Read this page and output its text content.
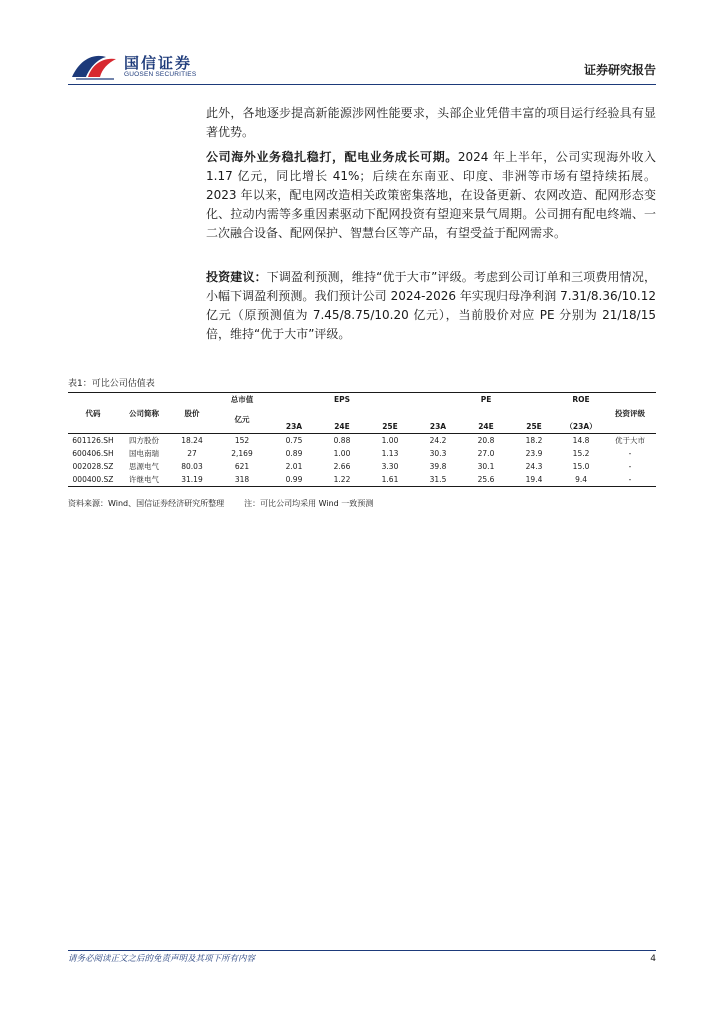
国信证券
GUOSEN SECURITIES	证券研究报告
此外，各地逐步提高新能源涉网性能要求，头部企业凭借丰富的项目运行经验具有显著优势。
公司海外业务稳扎稳打，配电业务成长可期。2024 年上半年，公司实现海外收入 1.17 亿元，同比增长 41%；后续在东南亚、印度、非洲等市场有望持续拓展。2023 年以来，配电网改造相关政策密集落地，在设备更新、农网改造、配网形态变化、拉动内需等多重因素驱动下配网投资有望迎来景气周期。公司拥有配电终端、一二次融合设备、配网保护、智慧台区等产品，有望受益于配网需求。
投资建议：下调盈利预测，维持“优于大市”评级。考虑到公司订单和三项费用情况，小幅下调盈利预测。我们预计公司 2024-2026 年实现归母净利润 7.31/8.36/10.12 亿元（原预测值为 7.45/8.75/10.20 亿元），当前股价对应 PE 分别为 21/18/15 倍，维持“优于大市”评级。
表1：可比公司估值表
代码	公司简称	股价	总市值	EPS			PE			ROE	投资评级
			亿元								
				23A	24E	25E	23A	24E	25E	（23A）	
601126.SH	四方股份	18.24	152	0.75	0.88	1.00	24.2	20.8	18.2	14.8	优于大市
600406.SH	国电南瑞	27	2,169	0.89	1.00	1.13	30.3	27.0	23.9	15.2	-
002028.SZ	思源电气	80.03	621	2.01	2.66	3.30	39.8	30.1	24.3	15.0	-
000400.SZ	许继电气	31.19	318	0.99	1.22	1.61	31.5	25.6	19.4	9.4	-
资料来源：Wind、国信证券经济研究所整理	注：可比公司均采用 Wind 一致预测
请务必阅读正文之后的免责声明及其项下所有内容	4
